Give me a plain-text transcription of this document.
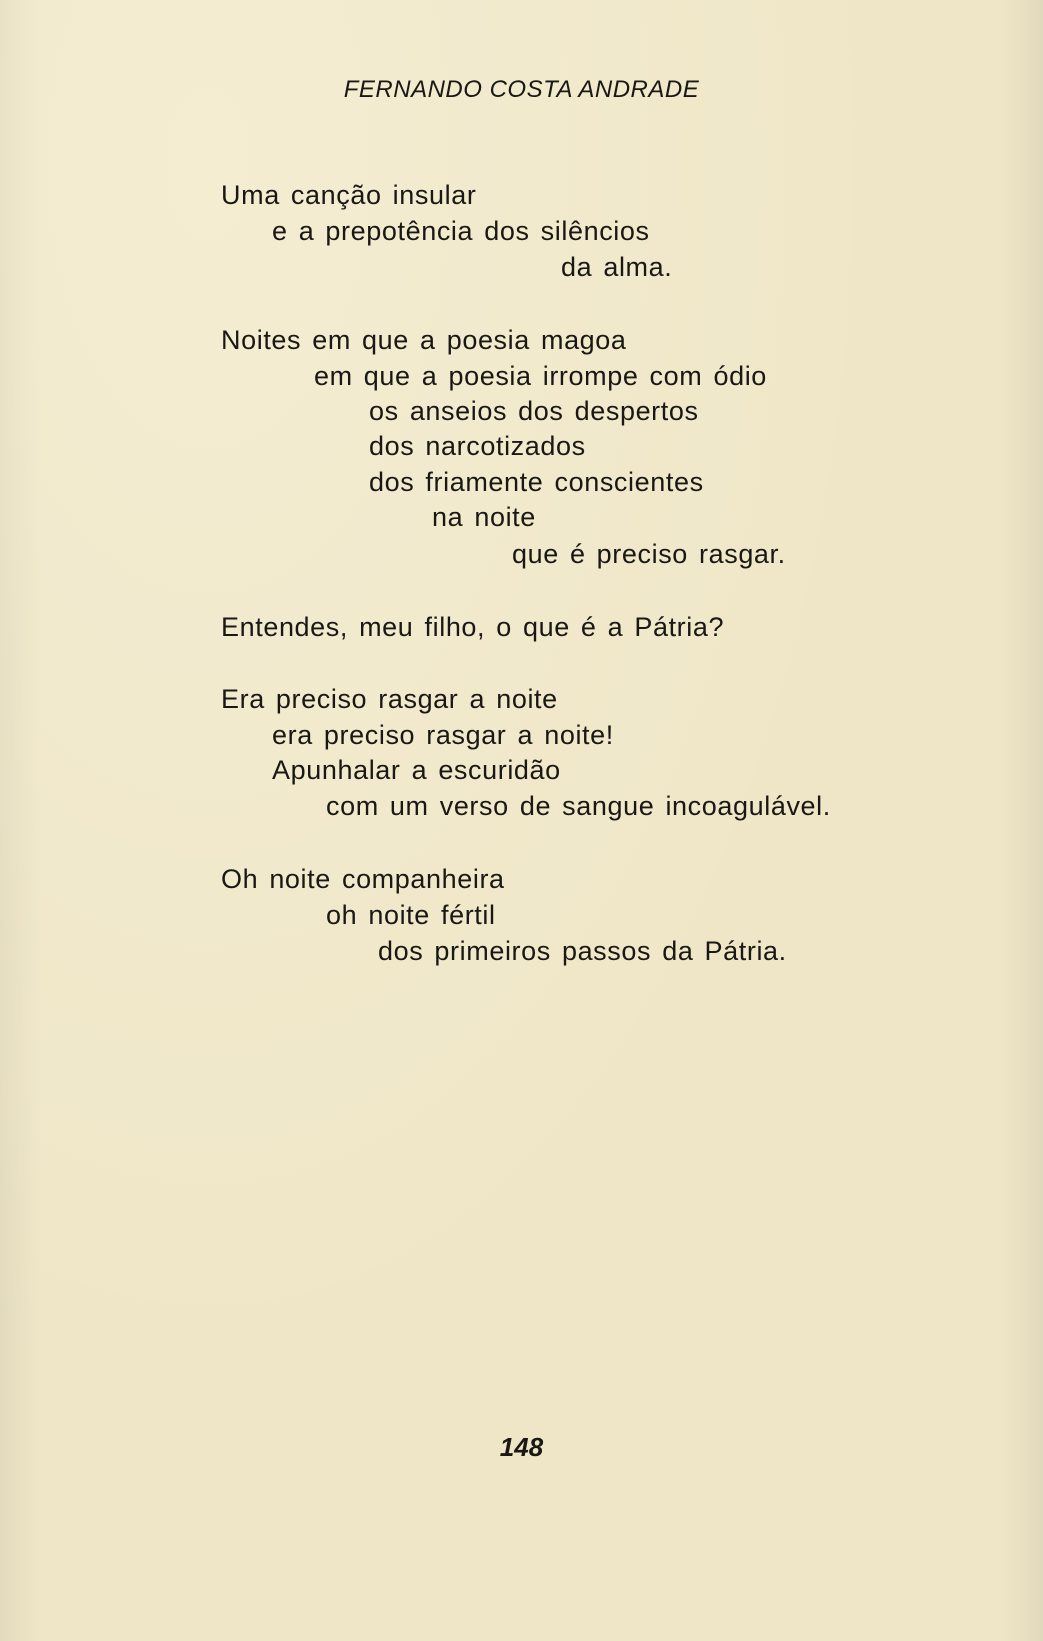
FERNANDO COSTA ANDRADE
Uma canção insular
e a prepotência dos silêncios
da alma.
Noites em que a poesia magoa
em que a poesia irrompe com ódio
os anseios dos despertos
dos narcotizados
dos friamente conscientes
na noite
que é preciso rasgar.
Entendes, meu filho, o que é a Pátria?
Era preciso rasgar a noite
era preciso rasgar a noite!
Apunhalar a escuridão
com um verso de sangue incoagulável.
Oh noite companheira
oh noite fértil
dos primeiros passos da Pátria.
148
